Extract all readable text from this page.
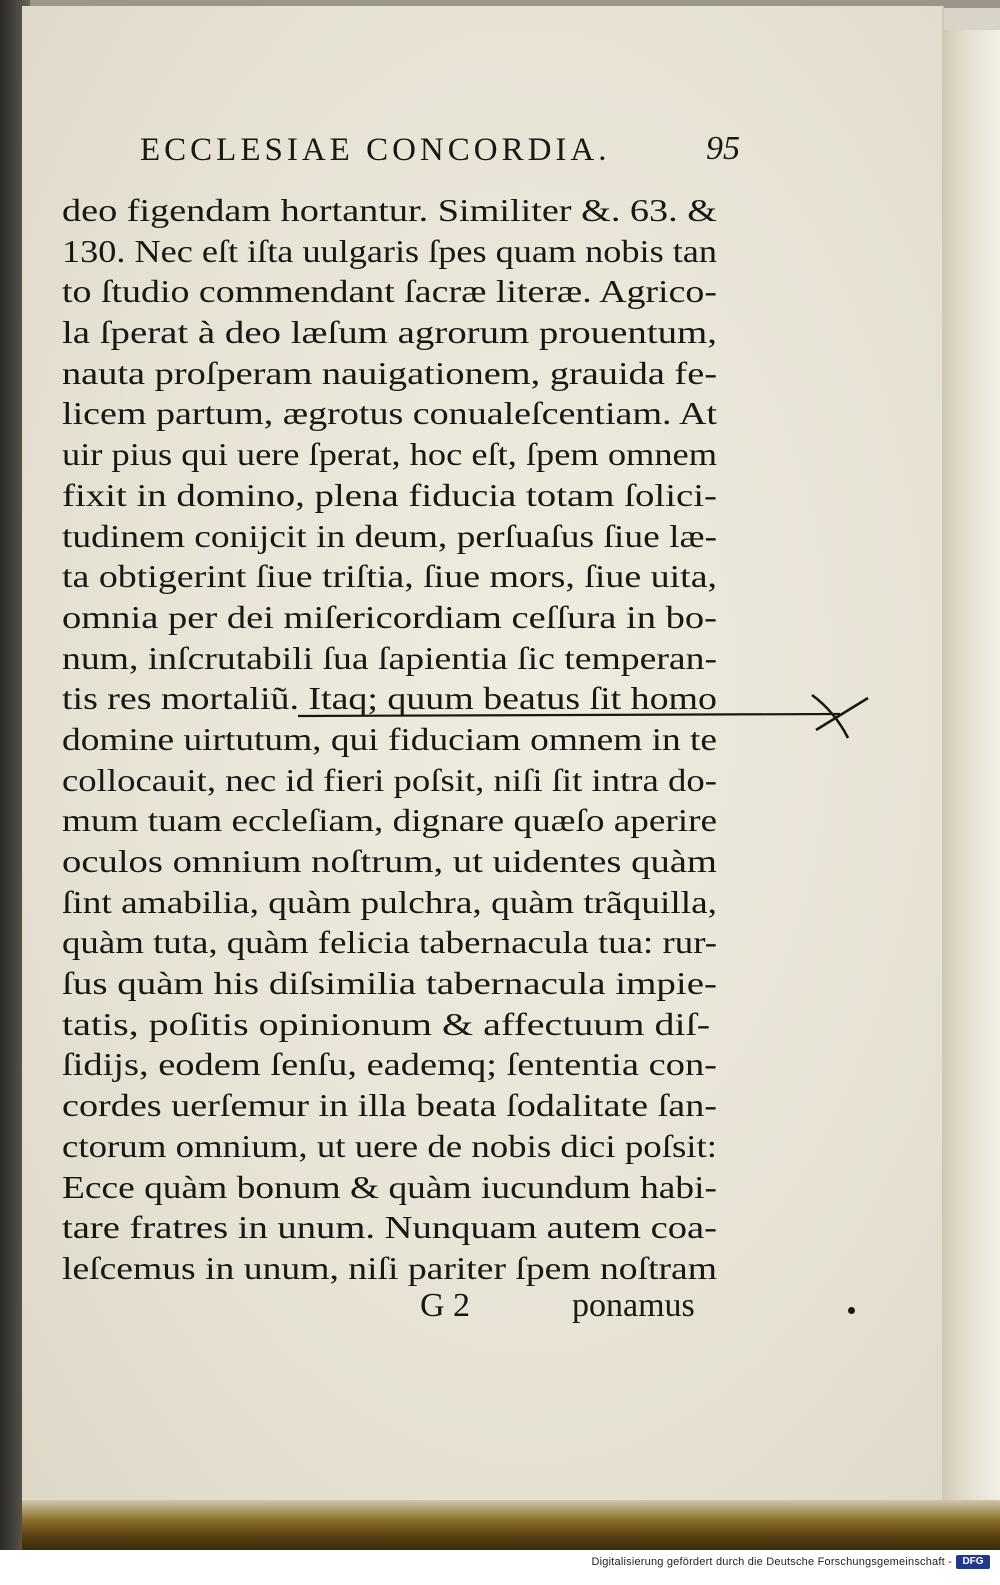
ECCLESIAE CONCORDIA.	95
deo figendam hortantur. Similiter &. 63. &
130. Nec eſt iſta uulgaris ſpes quam nobis tan
to ſtudio commendant ſacræ literæ. Agrico-
la ſperat à deo læſum agrorum prouentum,
nauta proſperam nauigationem, grauida fe-
licem partum, ægrotus conualeſcentiam. At
uir pius qui uere ſperat, hoc eſt, ſpem omnem
fixit in domino, plena fiducia totam ſolici-
tudinem conijcit in deum, perſuaſus ſiue læ-
ta obtigerint ſiue triſtia, ſiue mors, ſiue uita,
omnia per dei miſericordiam ceſſura in bo-
num, inſcrutabili ſua ſapientia ſic temperan-
tis res mortaliũ. Itaq; quum beatus ſit homo
domine uirtutum, qui fiduciam omnem in te
collocauit, nec id fieri poſsit, niſi ſit intra do-
mum tuam eccleſiam, dignare quæſo aperire
oculos omnium noſtrum, ut uidentes quàm
ſint amabilia, quàm pulchra, quàm trãquilla,
quàm tuta, quàm felicia tabernacula tua: rur-
ſus quàm his diſsimilia tabernacula impie-
tatis, poſitis opinionum & affectuum diſ-
ſidijs, eodem ſenſu, eademq; ſententia con-
cordes uerſemur in illa beata ſodalitate ſan-
ctorum omnium, ut uere de nobis dici poſsit:
Ecce quàm bonum & quàm iucundum habi-
tare fratres in unum. Nunquam autem coa-
leſcemus in unum, niſi pariter ſpem noſtram
G 2	ponamus
Digitalisierung gefördert durch die Deutsche Forschungsgemeinschaft -	DFG
